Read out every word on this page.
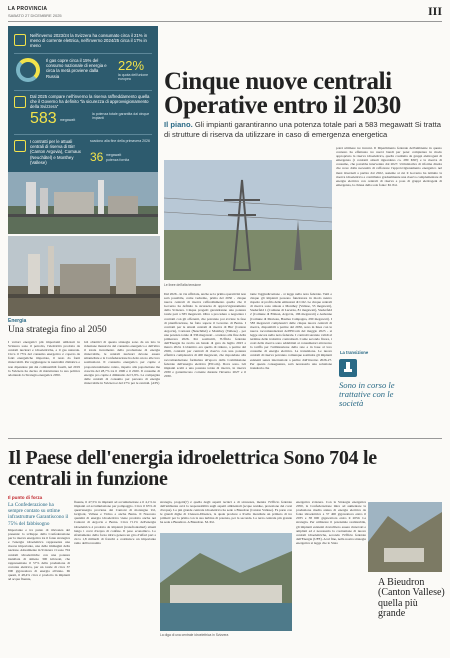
LA PROVINCIA
SABATO 27 DICEMBRE 2025	III
Nell'inverno 2023/24 la Svizzera ha consumato circa il 21% in meno di corrente elettrica, nell'inverno 2024/25 circa il 17% in meno
Il gas copre circa il 15% del consumo nazionale di energia e circa la metà proviene dalla Russia
22%
la quota dell'unione europea
Dal 2025 compare nell'inverno la riserva raffreddamento quella che il Governo ha definito "la sicurezza di approvvigionamento della Svizzera"
583 megawatt
la potenza totale garantita dai cinque impianti
I contratti per le attuali centrali di riserva di Birr (Canton Argovia), Cornaux (Neuchâtel) e Monthey (Vallese)
scadono alla fine della primavera 2026
36 megawatt
potenza fornita
Cinque nuove centrali Operative entro il 2030
Il piano. Gli impianti garantiranno una potenza totale pari a 583 megawatt Si tratta di strutture di riserva da utilizzare in caso di emergenza energetica
Energia
Una strategia fino al 2050
I vettori energetici più importanti utilizzati in Svizzera sono il petrolio, l'elettricità prodotta da centrali nucleari e idroelettriche, e il gas naturale. Circa il 75% del consumo energetico è coperto da fonti energetiche importate, il resto da fonti rinnovabili. Per raggiungere la neutralità climatica e non dipendere più dai combustibili fossili, nel 2019 la Svizzera ha deciso di ristrutturare la sua politica adottando la Strategia energetica 2050.
Gli obiettivi di questa strategia sono da un lato la riduzione massiccia del consumo energetico e dall'altro il totale incremento della produzione di energia rinnovabile, le centrali nucleari devono essere smantellate e la Confederazione ha detto un no alle loro sostituzioni. Il consumo energetico per capite è proporzionalmente calato, rispetto alla popolazione ma crescita del 28,7% tra il 1990 e il 2020. Il consumo di energia pro capite è diminuito del 5,9%. La compagnia delle centrali di consumo per persona di energia rinnovabile in Svizzera è del 27% per le centrali. (ATS)
Le linee dell'alta tensione
Dal 2026 - in via ufficiale, anche se la prima operatività non sarà possibile, come vedremo, prima del 2030 - cinque nuove centrali di riserva raffreddamento quella che il Governo ha definito la sicurezza di approvvigionamento della Svizzera. Cinque progetti garantiranno una potenza totale pari a 583 megawatt. Oltre a procedere a negoziare i contratti con gli offerenti, che potranno poi avviare la fase di pianificazione, ha fatto sapere il Governo di Berna. I contratti per le attuali centrali di riserva di Birr (Canton Argovia), Cornaux (Neuchâtel) e Monthey (Vallese) - per una potenza totale di 336 megawatt - scadono alla fine della primavera 2026. Per sostituirli, l'Ufficio federale dell'Energia ha svolto un bando di gara da luglio 2023 a marzo 2024. L'obiettivo era quello di ridurre, a partire dal 2026, contratti per centrali di riserva con una potenza effettiva complessiva di 400 megawatt, che rispondano alla raccomandazione formulata all'epoca dalla Commissione federale dell'energia elettrica (ElCom). Dove sono. Gli impianti scelti a una potenza totale di riserva, in riserva 2030 e garantiscono corrente durante l'inverno 2027 e il 2030.
tante l'aggiudicazione - si legge nella nota federale. Tutti e cinque gli impianti possono funzionare in modo neutro rispetto al profilo delle emissioni di CO2. Le cinque centrali di riserva sono situate a Monthey (Vallese, 53 megawatt), Siederfeld 1 (Comune di Lucerna, 81 megawatt), Siederfeld 2 (Comune di Ebikon, Argovia, 196 megawatt) e Aubonne (Comune di Morteau, Basilea Campagna, 290 megawatt). I 583 megawatt complessivi delle cinque nuove centrali di riserva, disponibili a partire dal 2030, sono in linea con le nuove raccomandazioni dell'ElCom del maggio 2025 - si legge ancora nella nota federale. I contratti saranno validi al termine delle trattative contrattuali. Come secondo finora, i costi della riserva sono addebitati ai consumatori attraverso la tariffa per l'utilizzazione della rete e in base al loro consumo di energia elettrica. La transizione. Le nuove centrali di riserva potranno comunque sostituire gli impianti esistenti senza interruzioni a partire dall'inverno 2026-27. Per questa conseguenza, sarà necessaria una soluzione transitoria che
potrà ultimare tre inverni. Il Dipartimento federale dell'ambiente in questo contesto ha effettuato tre nuovi bandi per poter completare in modo appropriato la riserva idroelettrica, quella costituita da gruppi elettrogeni di emergenza (i contratti attuali riguardano ca. 280 MW) e la riserva di consumo, che potrebbe intervenire dal 2027. Un'iniziativa di riforma diretta che nove dalla necessità di rafforzare l'approvvigionamento energetico nel mesi invernali a partire dal 2022, assieme ai cui il Governo ha istituito la riserva idroelettrica e contribuire gradualmente una riserva complementare di energia elettrica con centrali di riserva e poss di gruppi elettrogeni di emergenza, la chiusa della sola fonte: M. Pal.
La transizione
Sono in corso le trattative con le società
Il Paese dell'energia idroelettrica Sono 704 le centrali in funzione
Il punto di forza
La Confederazione ha sempre contato su ottime infrastrutture Garantiscono il 75% del fabbisogno
Importante e tra punto di rilevanza del presente: lo sviluppo della Confederazione per la riserva energetica tra il fonte strategica e l'energia idroelettrica rappresenta una risorsa importante, una delle immagini della nazione. Attualmente in Svizzera vi sono 704 centrali idroelettriche con una potenza installata di almeno 300 kilowatt, che rappresentano il 57% della produzione di corrente elettrica, per un totale di circa 37 000 gigawattora di energia all'anno. Di questi, il 48,4% circa è prodotto in impianti ad acqua fluente,
fluente, il 47,5% in impianti ad accumulazione e il 4,1% in impianti ad accumulazione per pompaggio. Circa il 63% di quest'energia proviene dai Cantoni di montagna Uri, Grigioni, Vallese e Ticino e anche Berna. Il Nascosto quantità di energia idroelettrica viene prodotta anche nei Cantoni di Argovia e Berna. Circa l'11% dell'energia idroelettrica è prodotta da impianti (transfrontalieri) situati lungo i corsi d'acqua di confine. Il peso economico. Lo sfruttamento della forza idrica genera un giro d'affari pari a circa 1,8 miliardi di franchi e costituisce un importante ramo dell'economia
energetica svizzera. Con la Strategia energetica 2050, la Confederazione mira ad aumentare la produzione media annua di energia elettrica da fonte idroelettrica a 37 400 gigawattora entro il 2035 e 38 600 gigawattora entro il 2050. La strategia. Per utilizzare il potenziale realizzabile, gli impianti esistenti dovrebbero essere rinnovati e ampliati ed è necessaria la costruzione di nuove centrali idroelettriche, secondo l'Ufficio federale dell'Energia (UFE). A tal fine, nella nostra strategia energetica si legge che lo Stato
strategia, progetti(?) è quella degli aspetti tecnici e di sicurezza, mentre l'Ufficio federale dell'ambiente avrà la responsabilità sugli aspetti ambientali (acque residue, protezione dei corsi d'acqua). La più grande centrale idroelettrica ha sede a Bieudron (Canton Vallese). Fa parte con le grandi dighe di Cleuson-Dixence, la quale produce a livello mondiale un primato di tre primati: per la prima con la sua turbina di potenza, per la seconda. La terza centrale più grande ha sede a Bieudron. A Bieudron. M. Pal.
La diga di una centrale idroelettrica in Svizzera
A Bieudron (Canton Vallese) quella più grande
